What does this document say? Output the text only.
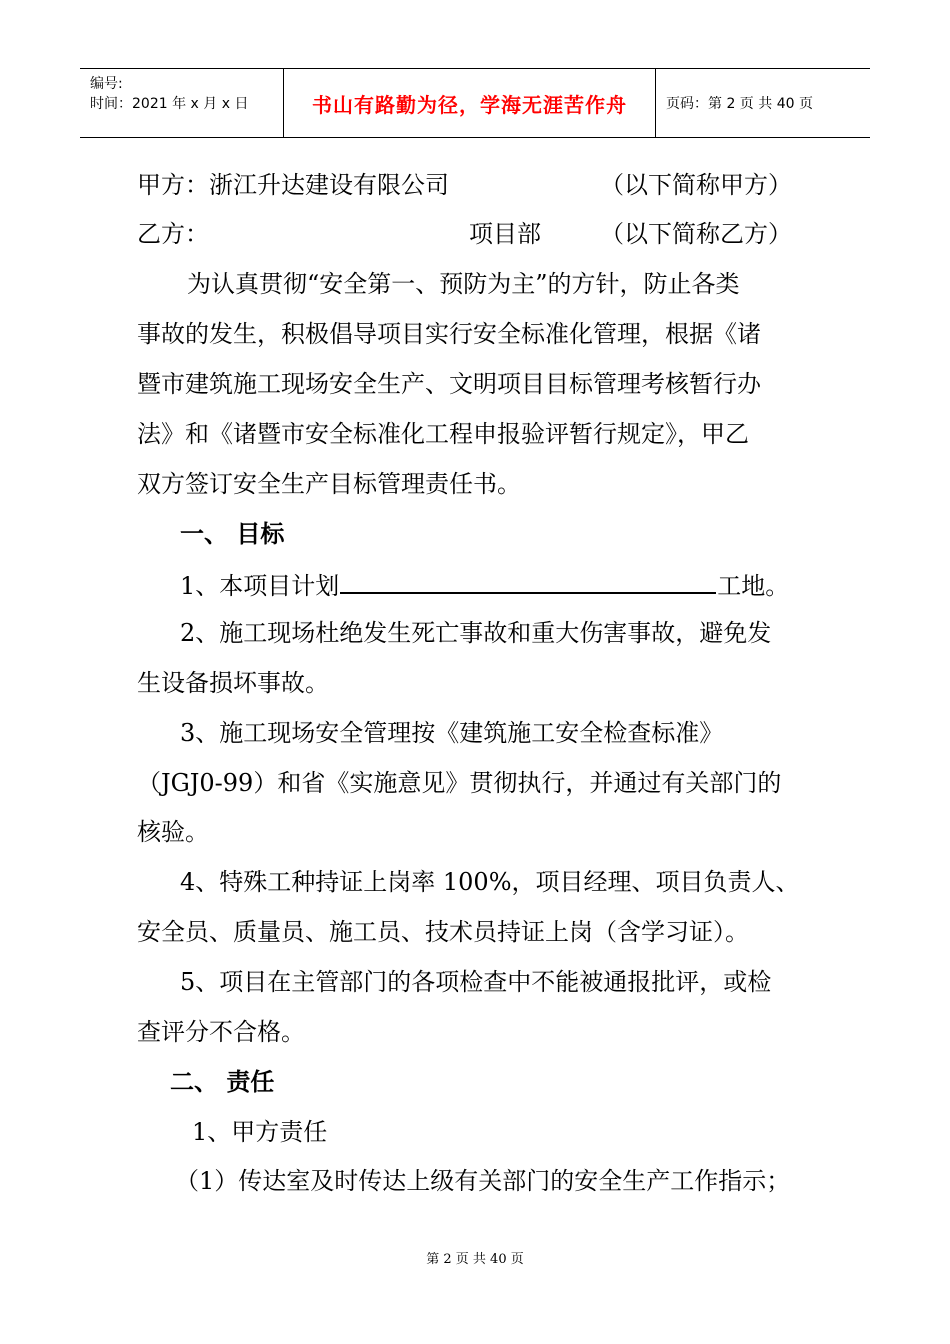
编号:
时间：2021 年 x 月 x 日	书山有路勤为径，学海无涯苦作舟	页码：第 2 页 共 40 页
甲方：浙江升达建设有限公司	（以下简称甲方）
乙方：	项目部 （以下简称乙方）
为认真贯彻“安全第一、预防为主”的方针，防止各类
事故的发生，积极倡导项目实行安全标准化管理，根据《诸
暨市建筑施工现场安全生产、文明项目目标管理考核暂行办
法》和《诸暨市安全标准化工程申报验评暂行规定》，甲乙
双方签订安全生产目标管理责任书。
一、 目标
1、本项目计划	工地。
2、施工现场杜绝发生死亡事故和重大伤害事故，避免发
生设备损坏事故。
3、施工现场安全管理按《建筑施工安全检查标准》
（JGJ0-99）和省《实施意见》贯彻执行，并通过有关部门的
核验。
4、特殊工种持证上岗率 100%，项目经理、项目负责人、
安全员、质量员、施工员、技术员持证上岗（含学习证）。
5、项目在主管部门的各项检查中不能被通报批评，或检
查评分不合格。
二、 责任
1、甲方责任
（1）传达室及时传达上级有关部门的安全生产工作指示；
第 2 页 共 40 页
